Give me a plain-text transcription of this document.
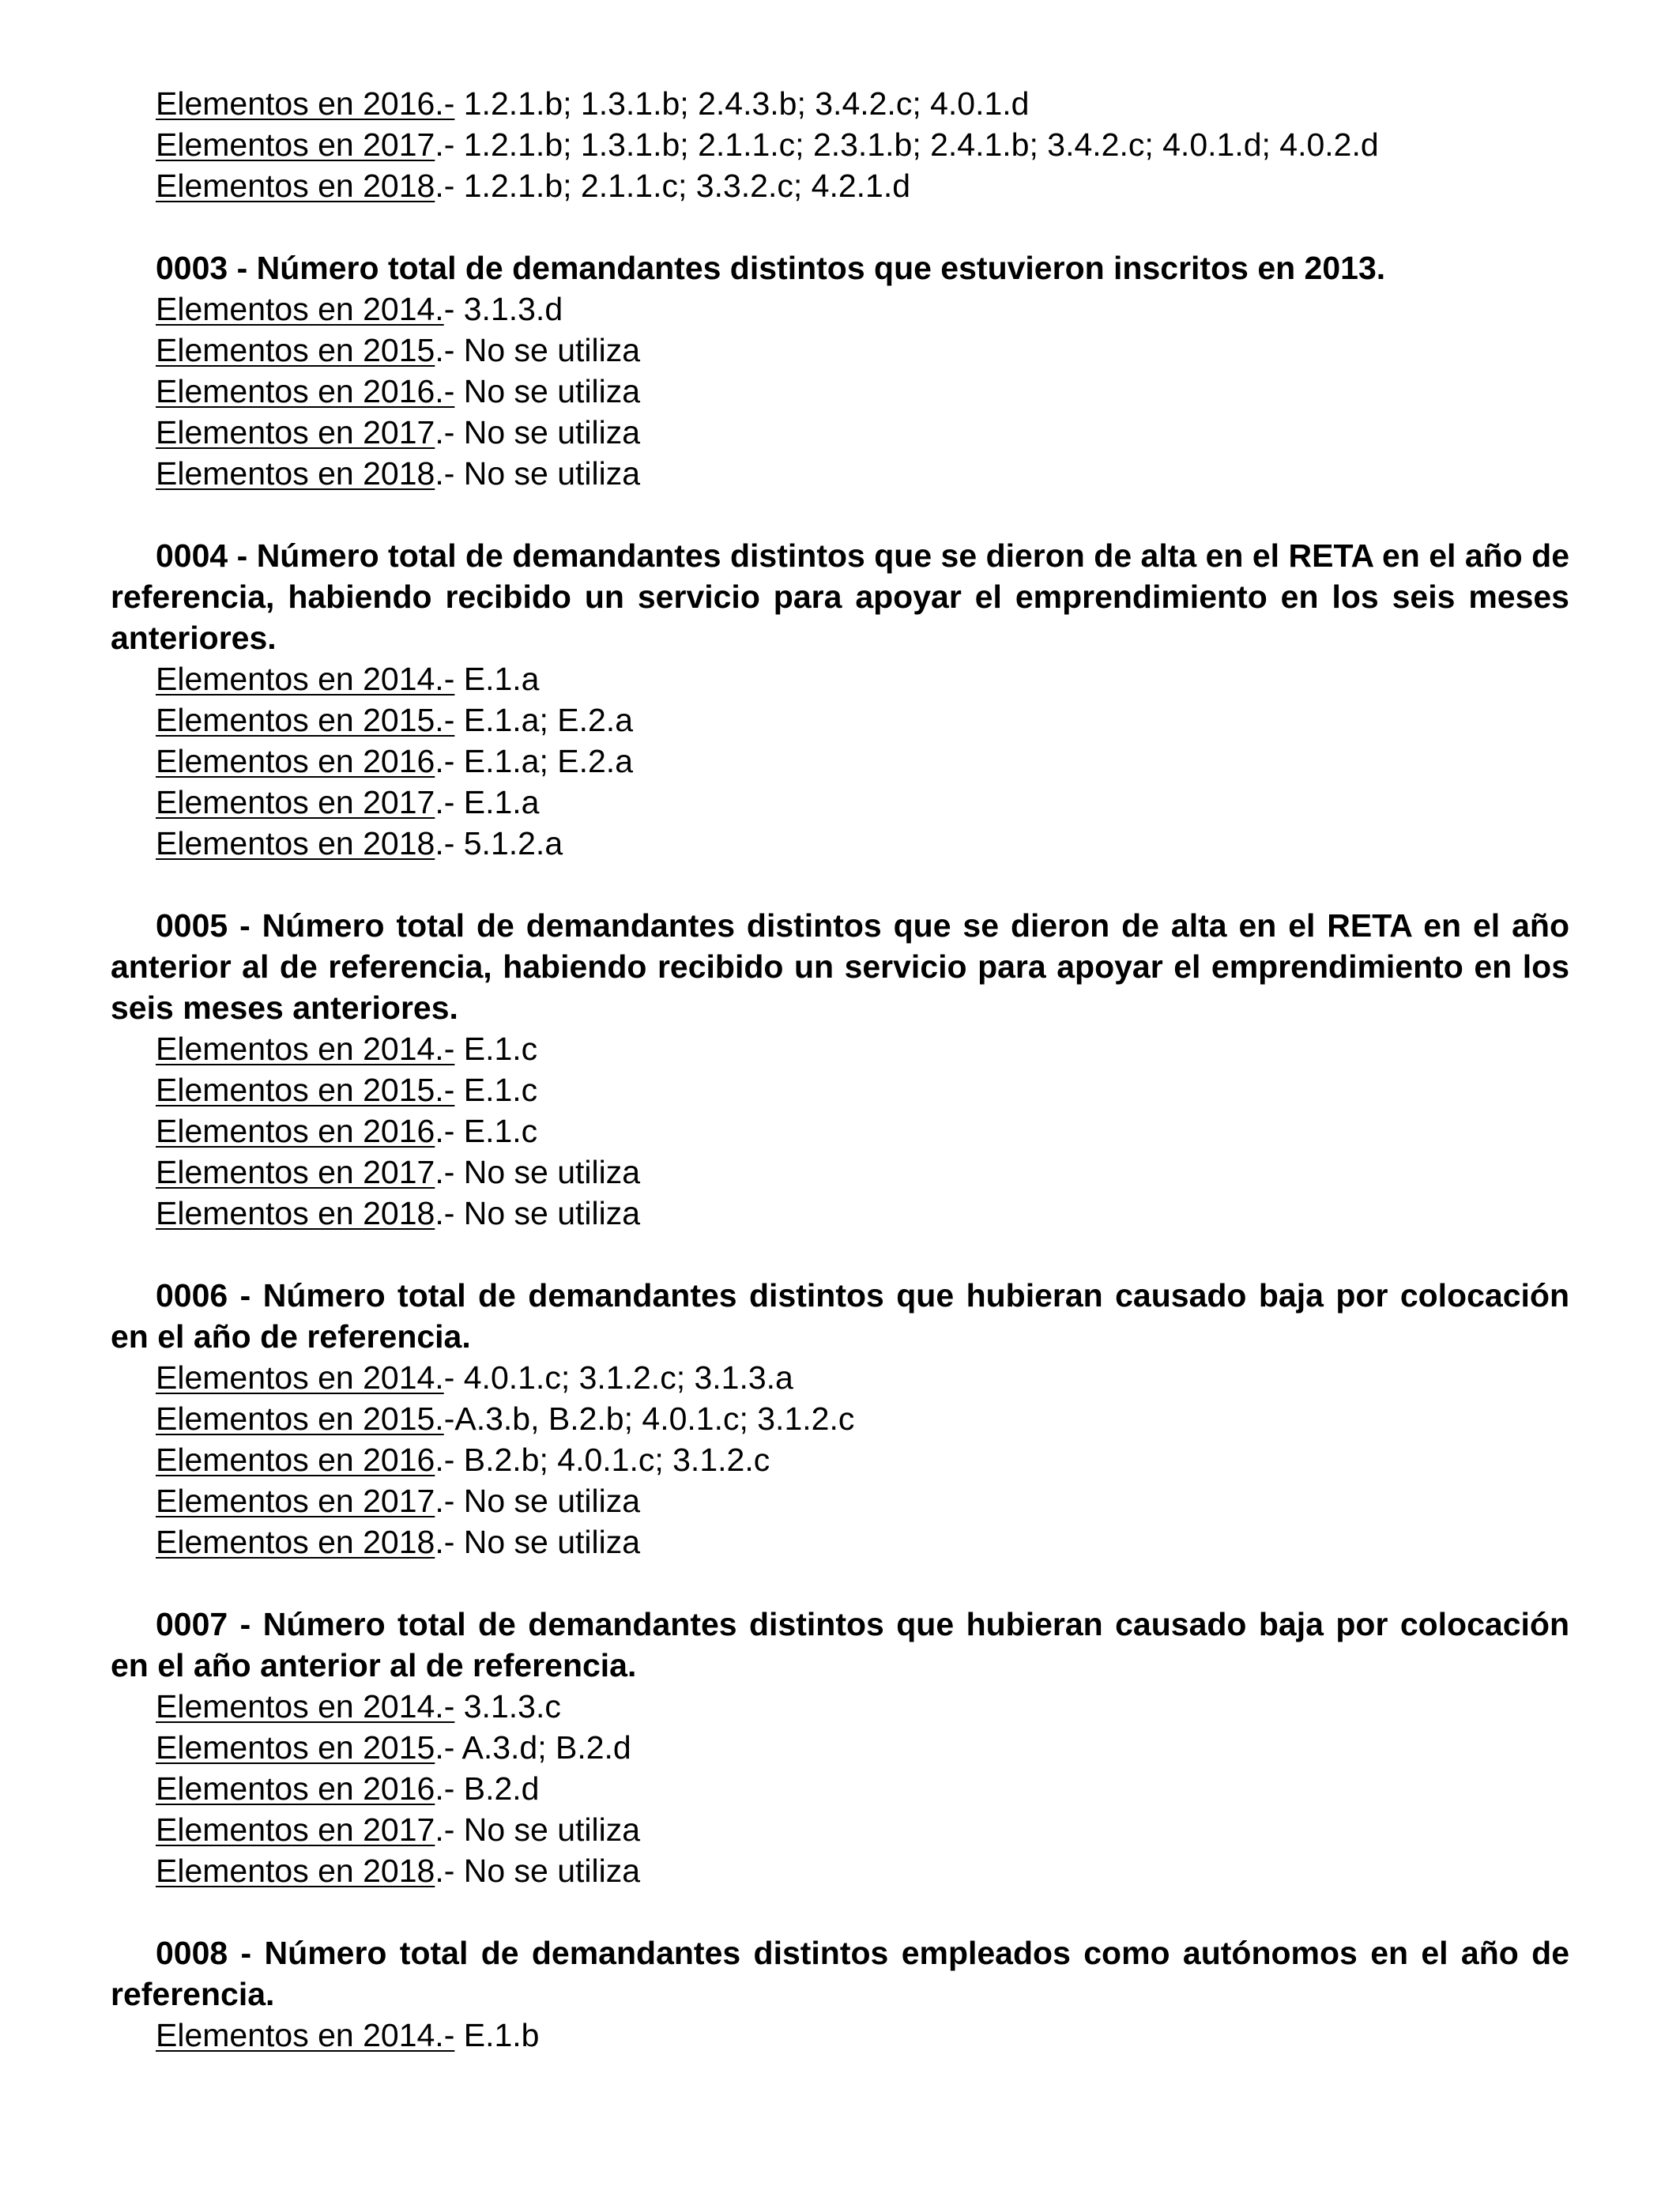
Elementos en 2016.- 1.2.1.b; 1.3.1.b; 2.4.3.b; 3.4.2.c; 4.0.1.d
Elementos en 2017.- 1.2.1.b; 1.3.1.b; 2.1.1.c; 2.3.1.b; 2.4.1.b; 3.4.2.c; 4.0.1.d; 4.0.2.d
Elementos en 2018.- 1.2.1.b; 2.1.1.c; 3.3.2.c; 4.2.1.d

0003 - Número total de demandantes distintos que estuvieron inscritos en 2013.

Elementos en 2014.- 3.1.3.d
Elementos en 2015.- No se utiliza
Elementos en 2016.- No se utiliza
Elementos en 2017.- No se utiliza
Elementos en 2018.- No se utiliza

0004 - Número total de demandantes distintos que se dieron de alta en el RETA en el año de referencia, habiendo recibido un servicio para apoyar el emprendimiento en los seis meses anteriores.

Elementos en 2014.- E.1.a
Elementos en 2015.- E.1.a; E.2.a
Elementos en 2016.- E.1.a; E.2.a
Elementos en 2017.- E.1.a
Elementos en 2018.- 5.1.2.a

0005 - Número total de demandantes distintos que se dieron de alta en el RETA en el año anterior al de referencia, habiendo recibido un servicio para apoyar el emprendimiento en los seis meses anteriores.

Elementos en 2014.- E.1.c
Elementos en 2015.- E.1.c
Elementos en 2016.- E.1.c
Elementos en 2017.- No se utiliza
Elementos en 2018.- No se utiliza

0006 - Número total de demandantes distintos que hubieran causado baja por colocación en el año de referencia.

Elementos en 2014.- 4.0.1.c; 3.1.2.c; 3.1.3.a
Elementos en 2015.-A.3.b, B.2.b; 4.0.1.c; 3.1.2.c
Elementos en 2016.- B.2.b; 4.0.1.c; 3.1.2.c
Elementos en 2017.- No se utiliza
Elementos en 2018.- No se utiliza

0007 - Número total de demandantes distintos que hubieran causado baja por colocación en el año anterior al de referencia.

Elementos en 2014.- 3.1.3.c
Elementos en 2015.- A.3.d; B.2.d
Elementos en 2016.- B.2.d
Elementos en 2017.- No se utiliza
Elementos en 2018.- No se utiliza

0008 - Número total de demandantes distintos empleados como autónomos en el año de referencia.

Elementos en 2014.- E.1.b
